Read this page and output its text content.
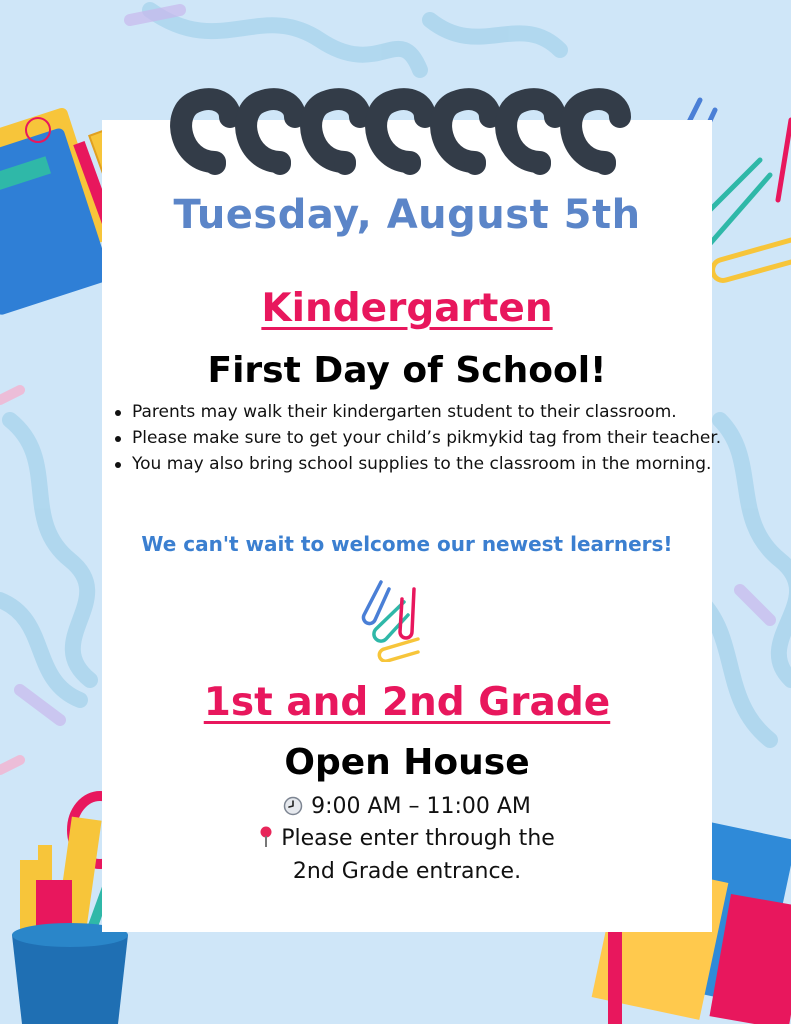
Tuesday, August 5th
Kindergarten
First Day of School!
Parents may walk their kindergarten student to their classroom.
Please make sure to get your child’s pikmykid tag from their teacher.
You may also bring school supplies to the classroom in the morning.
We can't wait to welcome our newest learners!
1st and 2nd Grade
Open House
9:00 AM – 11:00 AM
Please enter through the
2nd Grade entrance.
